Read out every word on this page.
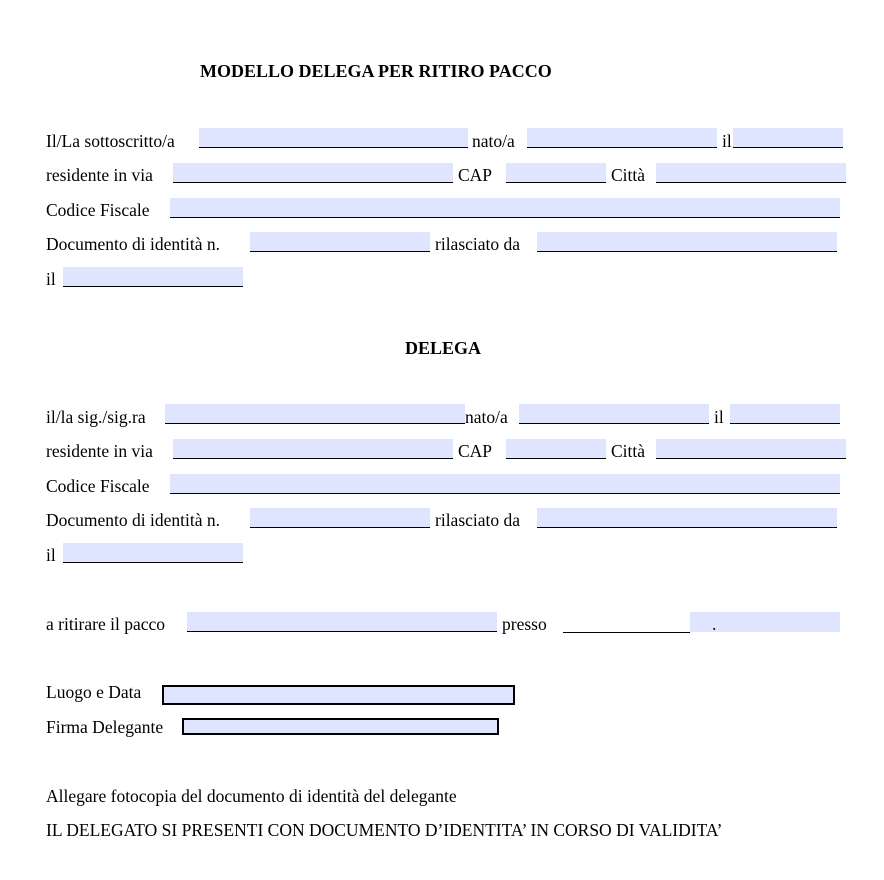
MODELLO DELEGA PER RITIRO PACCO
Il/La sottoscritto/a	nato/a	il
residente in via	CAP	Città
Codice Fiscale
Documento di identità n.	rilasciato da
il
DELEGA
il/la sig./sig.ra	nato/a	il
residente in via	CAP	Città
Codice Fiscale
Documento di identità n.	rilasciato da
il
a ritirare il pacco	presso	.
Luogo e Data
Firma Delegante
Allegare fotocopia del documento di identità del delegante
IL DELEGATO SI PRESENTI CON DOCUMENTO D’IDENTITA’ IN CORSO DI VALIDITA’
